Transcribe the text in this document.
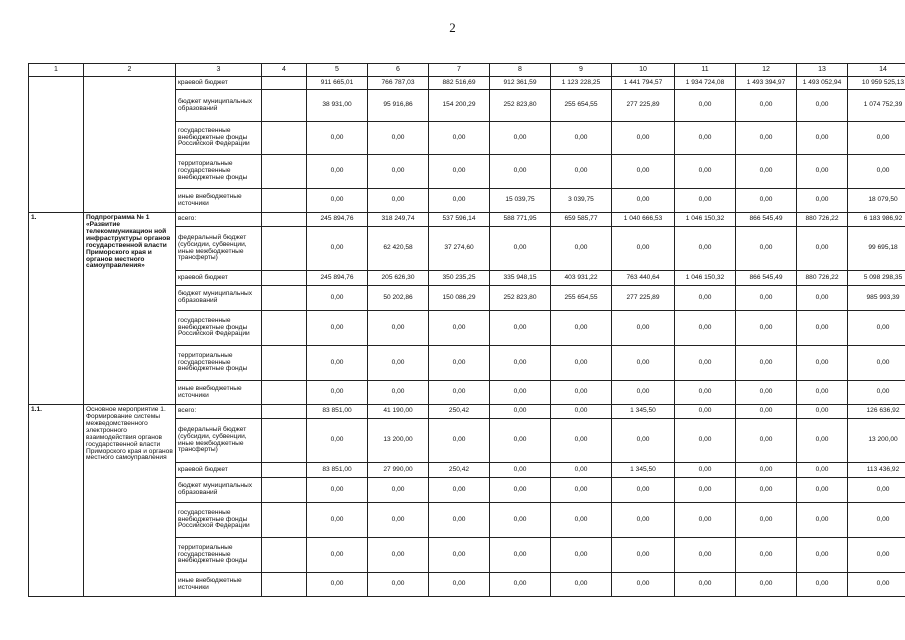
2
1	2	3	4	5	6	7	8	9	10	11	12	13	14
		краевой бюджет		911 665,01	766 787,03	882 516,69	912 361,59	1 123 228,25	1 441 794,57	1 934 724,08	1 493 394,97	1 493 052,94	10 959 525,13
		бюджет муниципальных образований		38 931,00	95 916,86	154 200,29	252 823,80	255 654,55	277 225,89	0,00	0,00	0,00	1 074 752,39
		государственные внебюджетные фонды Российской Федерации		0,00	0,00	0,00	0,00	0,00	0,00	0,00	0,00	0,00	0,00
		территориальные государственные внебюджетные фонды		0,00	0,00	0,00	0,00	0,00	0,00	0,00	0,00	0,00	0,00
		иные внебюджетные источники		0,00	0,00	0,00	15 039,75	3 039,75	0,00	0,00	0,00	0,00	18 079,50
1.	Подпрограмма № 1 «Развитие телекоммуникацион ной инфраструктуры органов государственной власти Приморского края и органов местного самоуправления»	всего:		245 894,76	318 249,74	537 596,14	588 771,95	659 585,77	1 040 666,53	1 046 150,32	866 545,49	880 726,22	6 183 986,92
		федеральный бюджет (субсидии, субвенции, иные межбюджетные трансферты)		0,00	62 420,58	37 274,60	0,00	0,00	0,00	0,00	0,00	0,00	99 695,18
		краевой бюджет		245 894,76	205 626,30	350 235,25	335 948,15	403 931,22	763 440,64	1 046 150,32	866 545,49	880 726,22	5 098 298,35
		бюджет муниципальных образований		0,00	50 202,86	150 086,29	252 823,80	255 654,55	277 225,89	0,00	0,00	0,00	985 993,39
		государственные внебюджетные фонды Российской Федерации		0,00	0,00	0,00	0,00	0,00	0,00	0,00	0,00	0,00	0,00
		территориальные государственные внебюджетные фонды		0,00	0,00	0,00	0,00	0,00	0,00	0,00	0,00	0,00	0,00
		иные внебюджетные источники		0,00	0,00	0,00	0,00	0,00	0,00	0,00	0,00	0,00	0,00
1.1.	Основное мероприятие 1. Формирование системы межведомственного электронного взаимодействия органов государственной власти Приморского края и органов местного самоуправления	всего:		83 851,00	41 190,00	250,42	0,00	0,00	1 345,50	0,00	0,00	0,00	126 636,92
		федеральный бюджет (субсидии, субвенции, иные межбюджетные трансферты)		0,00	13 200,00	0,00	0,00	0,00	0,00	0,00	0,00	0,00	13 200,00
		краевой бюджет		83 851,00	27 990,00	250,42	0,00	0,00	1 345,50	0,00	0,00	0,00	113 436,92
		бюджет муниципальных образований		0,00	0,00	0,00	0,00	0,00	0,00	0,00	0,00	0,00	0,00
		государственные внебюджетные фонды Российской Федерации		0,00	0,00	0,00	0,00	0,00	0,00	0,00	0,00	0,00	0,00
		территориальные государственные внебюджетные фонды		0,00	0,00	0,00	0,00	0,00	0,00	0,00	0,00	0,00	0,00
		иные внебюджетные источники		0,00	0,00	0,00	0,00	0,00	0,00	0,00	0,00	0,00	0,00
